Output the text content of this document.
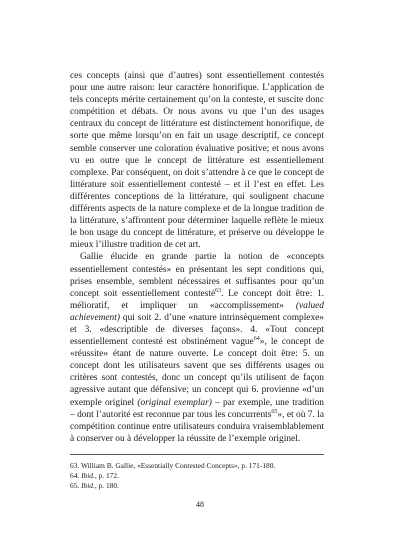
ces concepts (ainsi que d’autres) sont essentiellement contestés pour une autre raison: leur caractère honorifique. L’application de tels concepts mérite certainement qu’on la conteste, et suscite donc compétition et débats. Or nous avons vu que l’un des usages centraux du concept de littérature est distinctement honorifique, de sorte que même lorsqu’on en fait un usage descriptif, ce concept semble conserver une coloration évaluative positive; et nous avons vu en outre que le concept de littérature est essentiellement complexe. Par conséquent, on doit s’attendre à ce que le concept de littérature soit essentiellement contesté – et il l’est en effet. Les différentes conceptions de la littérature, qui soulignent chacune différents aspects de la nature complexe et de la longue tradition de la littérature, s’affrontent pour déterminer laquelle reflète le mieux le bon usage du concept de littérature, et préserve ou développe le mieux l’illustre tradition de cet art.

Gallie élucide en grande partie la notion de «concepts essentiellement contestés» en présentant les sept conditions qui, prises ensemble, semblent nécessaires et suffisantes pour qu’un concept soit essentiellement contesté$^{63}$. Le concept doit être: 1. mélioratif, et impliquer un «accomplissement» (valued achievement) qui soit 2. d’une «nature intrinsèquement complexe» et 3. «descriptible de diverses façons». 4. «Tout concept essentiellement contesté est obstinément vague$^{64}$», le concept de «réussite» étant de nature ouverte. Le concept doit être: 5. un concept dont les utilisateurs savent que ses différents usages ou critères sont contestés, donc un concept qu’ils utilisent de façon agressive autant que défensive; un concept qui 6. provienne «d’un exemple originel (original exemplar) – par exemple, une tradition – dont l’autorité est reconnue par tous les concurrents$^{65}$», et où 7. la compétition continue entre utilisateurs conduira vraisemblablement à conserver ou à développer la réussite de l’exemple originel.

63. William B. Gallie, «Essentially Contested Concepts», p. 171-180.

64. Ibid., p. 172.

65. Ibid., p. 180.

48
